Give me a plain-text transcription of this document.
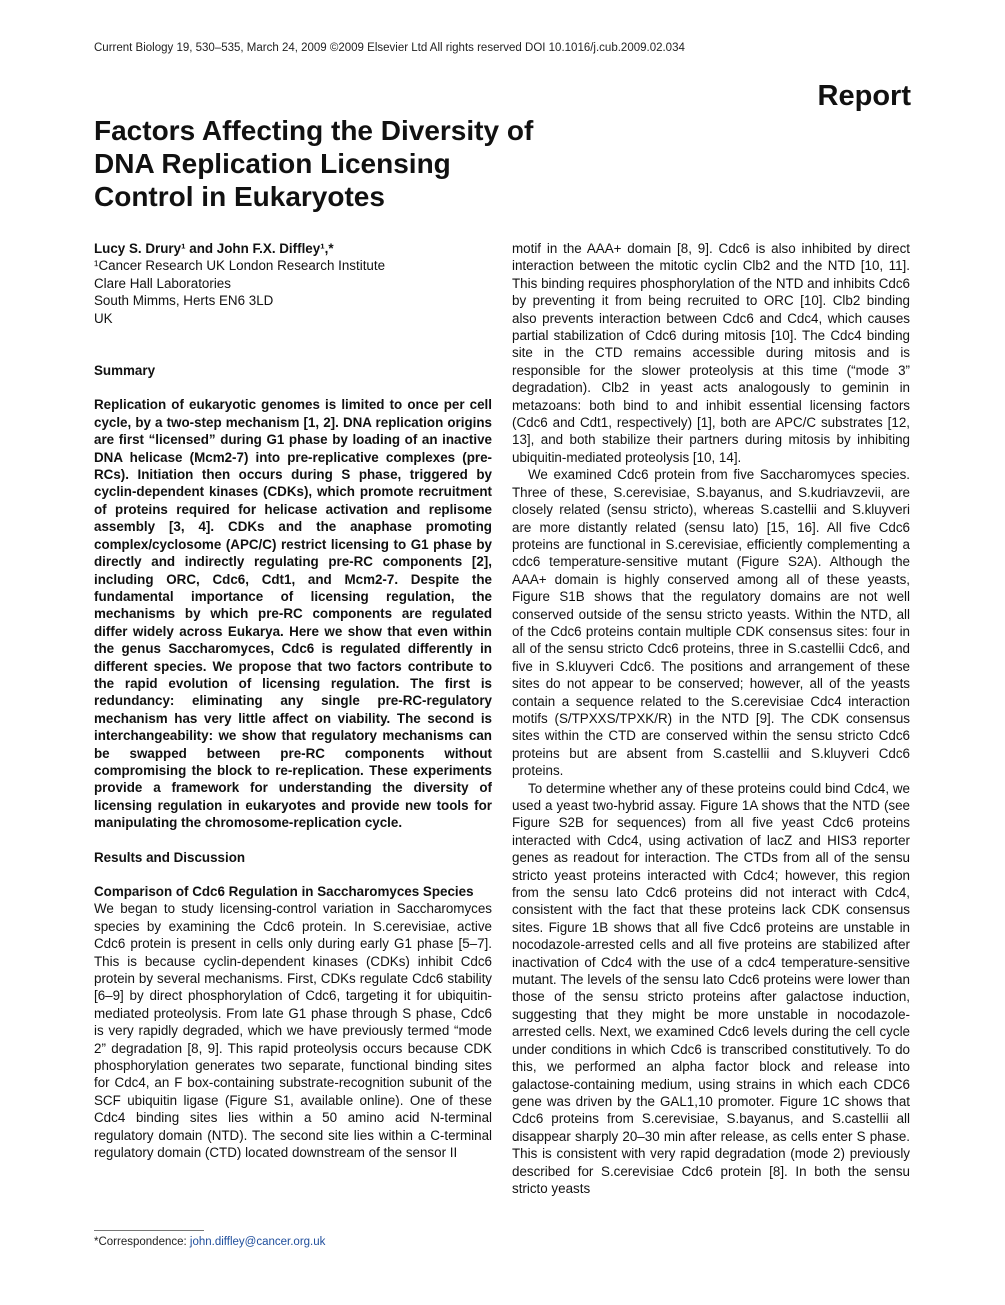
Current Biology 19, 530–535, March 24, 2009 ©2009 Elsevier Ltd All rights reserved DOI 10.1016/j.cub.2009.02.034
Report
Factors Affecting the Diversity of DNA Replication Licensing Control in Eukaryotes

Lucy S. Drury¹ and John F.X. Diffley¹,*

¹Cancer Research UK London Research Institute

Clare Hall Laboratories

South Mimms, Herts EN6 3LD

UK

Summary

Replication of eukaryotic genomes is limited to once per cell cycle, by a two-step mechanism [1, 2]. DNA replication origins are first “licensed” during G1 phase by loading of an inactive DNA helicase (Mcm2-7) into pre-replicative complexes (pre-RCs). Initiation then occurs during S phase, triggered by cyclin-dependent kinases (CDKs), which promote recruitment of proteins required for helicase activation and replisome assembly [3, 4]. CDKs and the anaphase promoting complex/cyclosome (APC/C) restrict licensing to G1 phase by directly and indirectly regulating pre-RC components [2], including ORC, Cdc6, Cdt1, and Mcm2-7. Despite the fundamental importance of licensing regulation, the mechanisms by which pre-RC components are regulated differ widely across Eukarya. Here we show that even within the genus Saccharomyces, Cdc6 is regulated differently in different species. We propose that two factors contribute to the rapid evolution of licensing regulation. The first is redundancy: eliminating any single pre-RC-regulatory mechanism has very little affect on viability. The second is interchangeability: we show that regulatory mechanisms can be swapped between pre-RC components without compromising the block to re-replication. These experiments provide a framework for understanding the diversity of licensing regulation in eukaryotes and provide new tools for manipulating the chromosome-replication cycle.

Results and Discussion

Comparison of Cdc6 Regulation in Saccharomyces Species

We began to study licensing-control variation in Saccharomyces species by examining the Cdc6 protein. In S.cerevisiae, active Cdc6 protein is present in cells only during early G1 phase [5–7]. This is because cyclin-dependent kinases (CDKs) inhibit Cdc6 protein by several mechanisms. First, CDKs regulate Cdc6 stability [6–9] by direct phosphorylation of Cdc6, targeting it for ubiquitin-mediated proteolysis. From late G1 phase through S phase, Cdc6 is very rapidly degraded, which we have previously termed “mode 2” degradation [8, 9]. This rapid proteolysis occurs because CDK phosphorylation generates two separate, functional binding sites for Cdc4, an F box-containing substrate-recognition subunit of the SCF ubiquitin ligase (Figure S1, available online). One of these Cdc4 binding sites lies within a 50 amino acid N-terminal regulatory domain (NTD). The second site lies within a C-terminal regulatory domain (CTD) located downstream of the sensor II

motif in the AAA+ domain [8, 9]. Cdc6 is also inhibited by direct interaction between the mitotic cyclin Clb2 and the NTD [10, 11]. This binding requires phosphorylation of the NTD and inhibits Cdc6 by preventing it from being recruited to ORC [10]. Clb2 binding also prevents interaction between Cdc6 and Cdc4, which causes partial stabilization of Cdc6 during mitosis [10]. The Cdc4 binding site in the CTD remains accessible during mitosis and is responsible for the slower proteolysis at this time (“mode 3” degradation). Clb2 in yeast acts analogously to geminin in metazoans: both bind to and inhibit essential licensing factors (Cdc6 and Cdt1, respectively) [1], both are APC/C substrates [12, 13], and both stabilize their partners during mitosis by inhibiting ubiquitin-mediated proteolysis [10, 14].

We examined Cdc6 protein from five Saccharomyces species. Three of these, S.cerevisiae, S.bayanus, and S.kudriavzevii, are closely related (sensu stricto), whereas S.castellii and S.kluyveri are more distantly related (sensu lato) [15, 16]. All five Cdc6 proteins are functional in S.cerevisiae, efficiently complementing a cdc6 temperature-sensitive mutant (Figure S2A). Although the AAA+ domain is highly conserved among all of these yeasts, Figure S1B shows that the regulatory domains are not well conserved outside of the sensu stricto yeasts. Within the NTD, all of the Cdc6 proteins contain multiple CDK consensus sites: four in all of the sensu stricto Cdc6 proteins, three in S.castellii Cdc6, and five in S.kluyveri Cdc6. The positions and arrangement of these sites do not appear to be conserved; however, all of the yeasts contain a sequence related to the S.cerevisiae Cdc4 interaction motifs (S/TPXXS/TPXK/R) in the NTD [9]. The CDK consensus sites within the CTD are conserved within the sensu stricto Cdc6 proteins but are absent from S.castellii and S.kluyveri Cdc6 proteins.

To determine whether any of these proteins could bind Cdc4, we used a yeast two-hybrid assay. Figure 1A shows that the NTD (see Figure S2B for sequences) from all five yeast Cdc6 proteins interacted with Cdc4, using activation of lacZ and HIS3 reporter genes as readout for interaction. The CTDs from all of the sensu stricto yeast proteins interacted with Cdc4; however, this region from the sensu lato Cdc6 proteins did not interact with Cdc4, consistent with the fact that these proteins lack CDK consensus sites. Figure 1B shows that all five Cdc6 proteins are unstable in nocodazole-arrested cells and all five proteins are stabilized after inactivation of Cdc4 with the use of a cdc4 temperature-sensitive mutant. The levels of the sensu lato Cdc6 proteins were lower than those of the sensu stricto proteins after galactose induction, suggesting that they might be more unstable in nocodazole-arrested cells. Next, we examined Cdc6 levels during the cell cycle under conditions in which Cdc6 is transcribed constitutively. To do this, we performed an alpha factor block and release into galactose-containing medium, using strains in which each CDC6 gene was driven by the GAL1,10 promoter. Figure 1C shows that Cdc6 proteins from S.cerevisiae, S.bayanus, and S.castellii all disappear sharply 20–30 min after release, as cells enter S phase. This is consistent with very rapid degradation (mode 2) previously described for S.cerevisiae Cdc6 protein [8]. In both the sensu stricto yeasts

*Correspondence: john.diffley@cancer.org.uk
